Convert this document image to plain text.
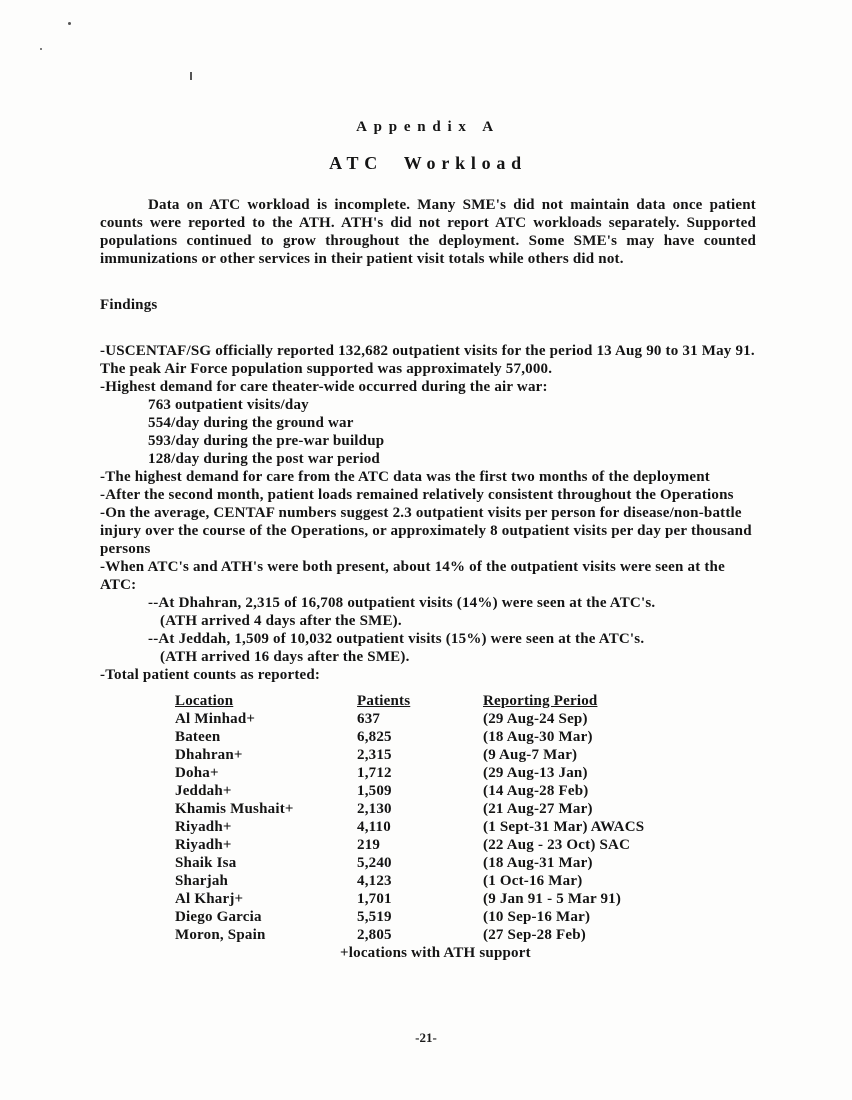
Appendix A
ATC Workload

Data on ATC workload is incomplete. Many SME's did not maintain data once patient counts were reported to the ATH. ATH's did not report ATC workloads separately. Supported populations continued to grow throughout the deployment. Some SME's may have counted immunizations or other services in their patient visit totals while others did not.

Findings
-USCENTAF/SG officially reported 132,682 outpatient visits for the period 13 Aug 90 to 31 May 91. The peak Air Force population supported was approximately 57,000.
-Highest demand for care theater-wide occurred during the air war:
763 outpatient visits/day
554/day during the ground war
593/day during the pre-war buildup
128/day during the post war period
-The highest demand for care from the ATC data was the first two months of the deployment
-After the second month, patient loads remained relatively consistent throughout the Operations
-On the average, CENTAF numbers suggest 2.3 outpatient visits per person for disease/non-battle injury over the course of the Operations, or approximately 8 outpatient visits per day per thousand persons
-When ATC's and ATH's were both present, about 14% of the outpatient visits were seen at the ATC:
--At Dhahran, 2,315 of 16,708 outpatient visits (14%) were seen at the ATC's.
(ATH arrived 4 days after the SME).
--At Jeddah, 1,509 of 10,032 outpatient visits (15%) were seen at the ATC's.
(ATH arrived 16 days after the SME).
-Total patient counts as reported:
Location	Patients	Reporting Period
Al Minhad+	637	(29 Aug-24 Sep)
Bateen	6,825	(18 Aug-30 Mar)
Dhahran+	2,315	(9 Aug-7 Mar)
Doha+	1,712	(29 Aug-13 Jan)
Jeddah+	1,509	(14 Aug-28 Feb)
Khamis Mushait+	2,130	(21 Aug-27 Mar)
Riyadh+	4,110	(1 Sept-31 Mar) AWACS
Riyadh+	219	(22 Aug - 23 Oct) SAC
Shaik Isa	5,240	(18 Aug-31 Mar)
Sharjah	4,123	(1 Oct-16 Mar)
Al Kharj+	1,701	(9 Jan 91 - 5 Mar 91)
Diego Garcia	5,519	(10 Sep-16 Mar)
Moron, Spain	2,805	(27 Sep-28 Feb)
+locations with ATH support
-21-
